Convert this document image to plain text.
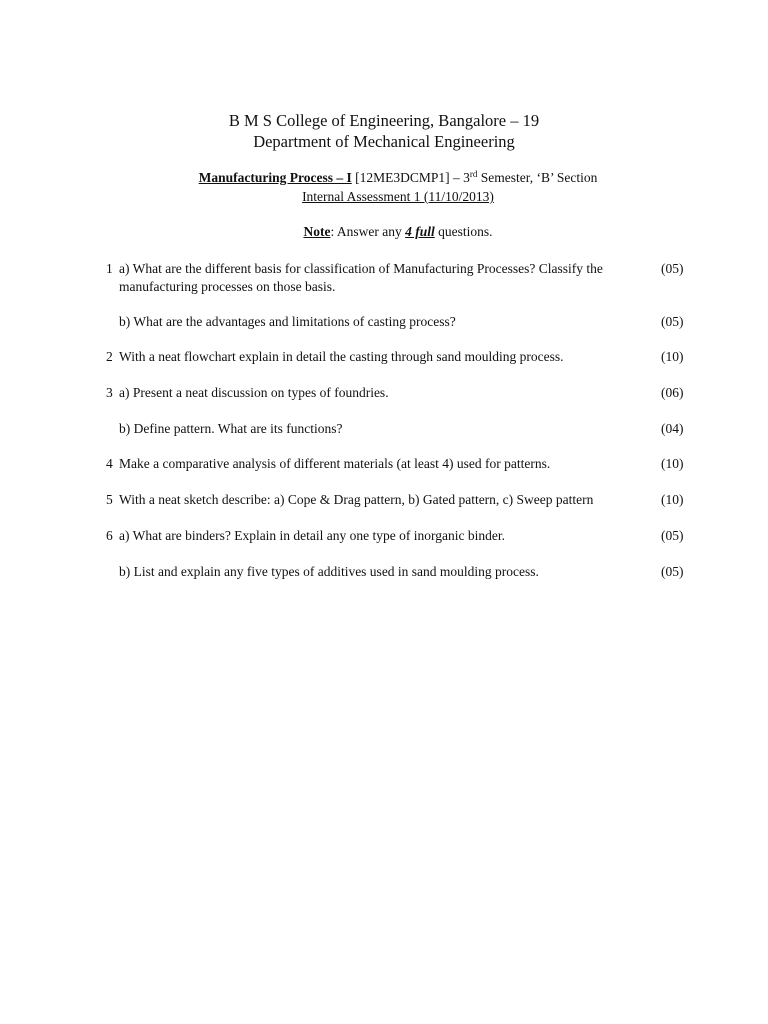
B M S College of Engineering, Bangalore – 19
Department of Mechanical Engineering
Manufacturing Process – I [12ME3DCMP1] – 3rd Semester, ‘B’ Section
Internal Assessment 1 (11/10/2013)
Note: Answer any 4 full questions.
1 a) What are the different basis for classification of Manufacturing Processes? Classify the manufacturing processes on those basis.
(05)
b) What are the advantages and limitations of casting process?	(05)
2 With a neat flowchart explain in detail the casting through sand moulding process.	(10)
3 a) Present a neat discussion on types of foundries.	(06)
b) Define pattern. What are its functions?	(04)
4 Make a comparative analysis of different materials (at least 4) used for patterns.	(10)
5 With a neat sketch describe: a) Cope & Drag pattern, b) Gated pattern, c) Sweep pattern	(10)
6 a) What are binders? Explain in detail any one type of inorganic binder.	(05)
b) List and explain any five types of additives used in sand moulding process.	(05)
